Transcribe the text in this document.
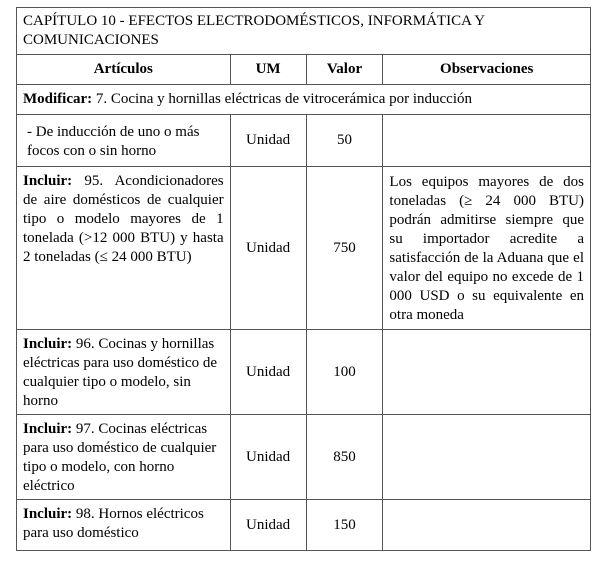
CAPÍTULO 10 - EFECTOS ELECTRODOMÉSTICOS, INFORMÁTICA Y COMUNICACIONES			
Artículos	UM	Valor	Observaciones
Modificar: 7. Cocina y hornillas eléctricas de vitrocerámica por inducción			
- De inducción de uno o más focos con o sin horno	Unidad	50	
Incluir: 95. Acondicionadores de aire domésticos de cualquier tipo o modelo mayores de 1 tonelada (>12 000 BTU) y hasta 2 toneladas (≤ 24 000 BTU)	Unidad	750	Los equipos mayores de dos toneladas (≥ 24 000 BTU) podrán admitirse siempre que su importador acredite a satisfacción de la Aduana que el valor del equipo no excede de 1 000 USD o su equivalente en otra moneda
Incluir: 96. Cocinas y hornillas eléctricas para uso doméstico de cualquier tipo o modelo, sin horno	Unidad	100	
Incluir: 97. Cocinas eléctricas para uso doméstico de cualquier tipo o modelo, con horno eléctrico	Unidad	850	
Incluir: 98. Hornos eléctricos para uso doméstico	Unidad	150	
